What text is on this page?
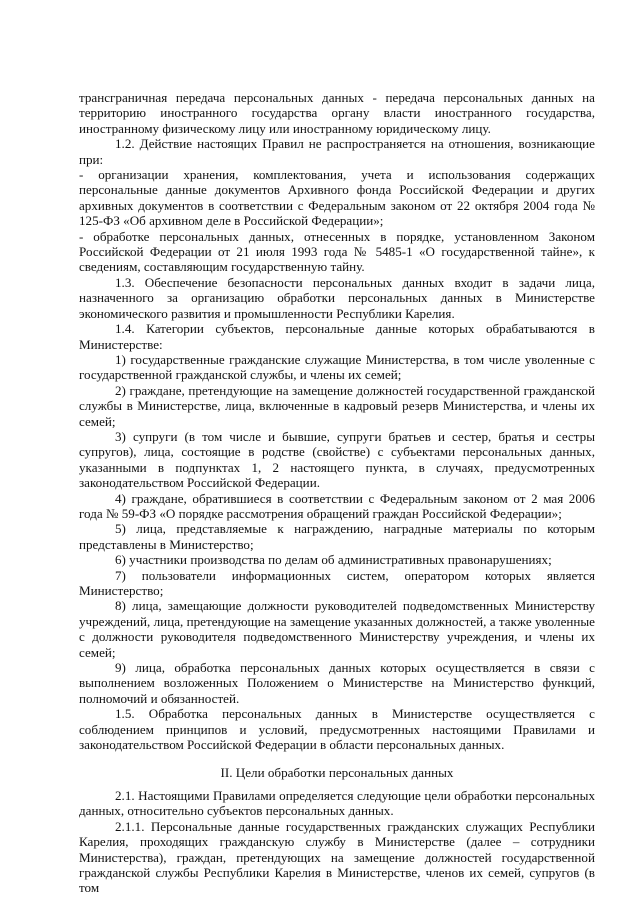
трансграничная передача персональных данных - передача персональных данных на территорию иностранного государства органу власти иностранного государства, иностранному физическому лицу или иностранному юридическому лицу.

1.2. Действие настоящих Правил не распространяется на отношения, возникающие при:

- организации хранения, комплектования, учета и использования содержащих персональные данные документов Архивного фонда Российской Федерации и других архивных документов в соответствии с Федеральным законом от 22 октября 2004 года № 125-ФЗ «Об архивном деле в Российской Федерации»;

- обработке персональных данных, отнесенных в порядке, установленном Законом Российской Федерации от 21 июля 1993 года № 5485-1 «О государственной тайне», к сведениям, составляющим государственную тайну.

1.3. Обеспечение безопасности персональных данных входит в задачи лица, назначенного за организацию обработки персональных данных в Министерстве экономического развития и промышленности Республики Карелия.

1.4. Категории субъектов, персональные данные которых обрабатываются в Министерстве:

1) государственные гражданские служащие Министерства, в том числе уволенные с государственной гражданской службы, и члены их семей;

2) граждане, претендующие на замещение должностей государственной гражданской службы в Министерстве, лица, включенные в кадровый резерв Министерства, и члены их семей;

3) супруги (в том числе и бывшие, супруги братьев и сестер, братья и сестры супругов), лица, состоящие в родстве (свойстве) с субъектами персональных данных, указанными в подпунктах 1, 2 настоящего пункта, в случаях, предусмотренных законодательством Российской Федерации.

4) граждане, обратившиеся в соответствии с Федеральным законом от 2 мая 2006 года № 59-ФЗ «О порядке рассмотрения обращений граждан Российской Федерации»;

5) лица, представляемые к награждению, наградные материалы по которым представлены в Министерство;

6) участники производства по делам об административных правонарушениях;

7) пользователи информационных систем, оператором которых является Министерство;

8) лица, замещающие должности руководителей подведомственных Министерству учреждений, лица, претендующие на замещение указанных должностей, а также уволенные с должности руководителя подведомственного Министерству учреждения, и члены их семей;

9) лица, обработка персональных данных которых осуществляется в связи с выполнением возложенных Положением о Министерстве на Министерство функций, полномочий и обязанностей.

1.5. Обработка персональных данных в Министерстве осуществляется с соблюдением принципов и условий, предусмотренных настоящими Правилами и законодательством Российской Федерации в области персональных данных.

II. Цели обработки персональных данных

2.1. Настоящими Правилами определяется следующие цели обработки персональных данных, относительно субъектов персональных данных.

2.1.1. Персональные данные государственных гражданских служащих Республики Карелия, проходящих гражданскую службу в Министерстве (далее – сотрудники Министерства), граждан, претендующих на замещение должностей государственной гражданской службы Республики Карелия в Министерстве, членов их семей, супругов (в том
